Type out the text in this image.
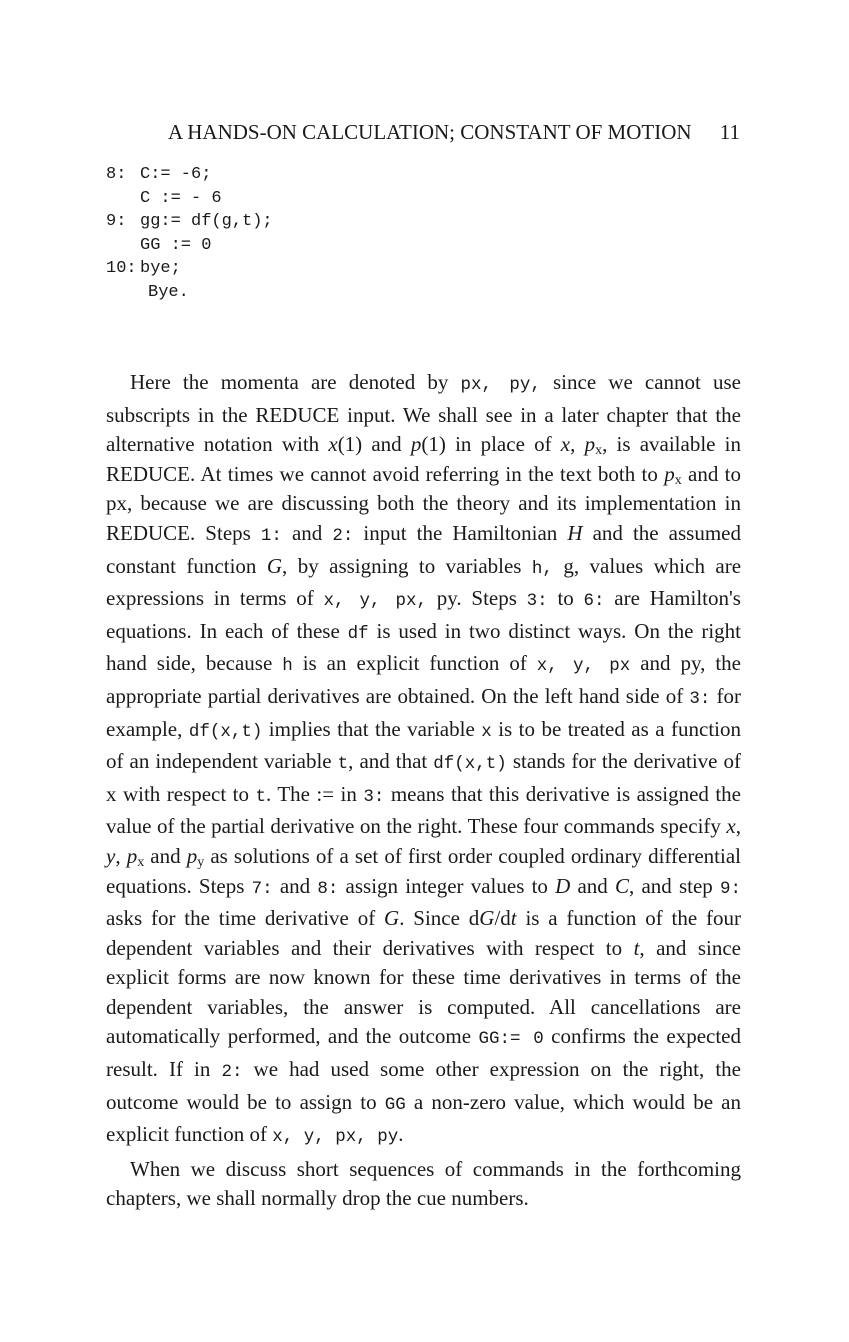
A HANDS-ON CALCULATION; CONSTANT OF MOTION 11
8: C:= -6;
C := - 6
9: gg:= df(g,t);
GG := 0
10: bye;
Bye.

Here the momenta are denoted by px, py, since we cannot use subscripts in the REDUCE input. We shall see in a later chapter that the alternative notation with x(1) and p(1) in place of x, $p_x$, is available in REDUCE. At times we cannot avoid referring in the text both to $p_x$ and to px, because we are discussing both the theory and its implementation in REDUCE. Steps 1: and 2: input the Hamiltonian H and the assumed constant function G, by assigning to variables h, g, values which are expressions in terms of x, y, px, py. Steps 3: to 6: are Hamilton's equations. In each of these df is used in two distinct ways. On the right hand side, because h is an explicit function of x, y, px and py, the appropriate partial derivatives are obtained. On the left hand side of 3: for example, df(x,t) implies that the variable x is to be treated as a function of an independent variable t, and that df(x,t) stands for the derivative of x with respect to t. The := in 3: means that this derivative is assigned the value of the partial derivative on the right. These four commands specify x, y, $p_x$ and $p_y$ as solutions of a set of first order coupled ordinary differential equations. Steps 7: and 8: assign integer values to D and C, and step 9: asks for the time derivative of G. Since dG/dt is a function of the four dependent variables and their derivatives with respect to t, and since explicit forms are now known for these time derivatives in terms of the dependent variables, the answer is computed. All cancellations are automatically performed, and the outcome GG:= 0 confirms the expected result. If in 2: we had used some other expression on the right, the outcome would be to assign to GG a non-zero value, which would be an explicit function of x, y, px, py.

When we discuss short sequences of commands in the forthcoming chapters, we shall normally drop the cue numbers.
